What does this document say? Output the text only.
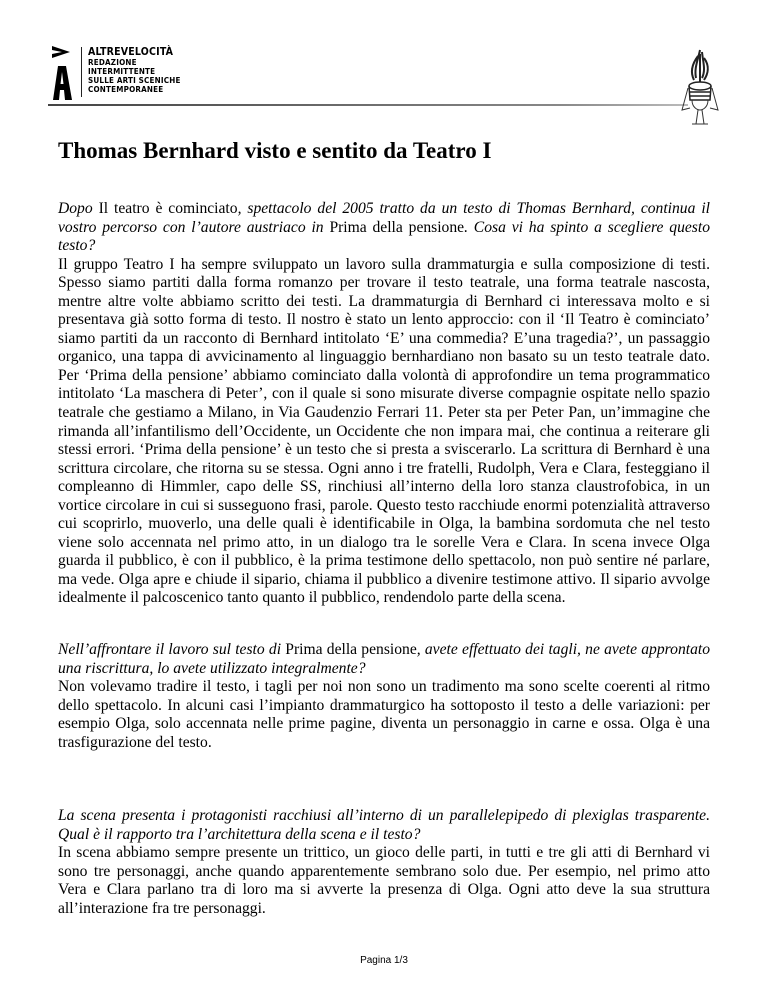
ALTREVELOCITÀ
REDAZIONE
INTERMITTENTE
SULLE ARTI SCENICHE
CONTEMPORANEE
Thomas Bernhard visto e sentito da Teatro I
Dopo Il teatro è cominciato, spettacolo del 2005 tratto da un testo di Thomas Bernhard, continua il
vostro percorso con l’autore austriaco in Prima della pensione. Cosa vi ha spinto a scegliere questo
testo?
Il gruppo Teatro I ha sempre sviluppato un lavoro sulla drammaturgia e sulla composizione di testi.
Spesso siamo partiti dalla forma romanzo per trovare il testo teatrale, una forma teatrale nascosta,
mentre altre volte abbiamo scritto dei testi. La drammaturgia di Bernhard ci interessava molto e si
presentava già sotto forma di testo. Il nostro è stato un lento approccio: con il ‘Il Teatro è cominciato’
siamo partiti da un racconto di Bernhard intitolato ‘E’ una commedia? E’una tragedia?’, un passaggio
organico, una tappa di avvicinamento al linguaggio bernhardiano non basato su un testo teatrale dato.
Per ‘Prima della pensione’ abbiamo cominciato dalla volontà di approfondire un tema programmatico
intitolato ‘La maschera di Peter’, con il quale si sono misurate diverse compagnie ospitate nello spazio
teatrale che gestiamo a Milano, in Via Gaudenzio Ferrari 11. Peter sta per Peter Pan, un’immagine che
rimanda all’infantilismo dell’Occidente, un Occidente che non impara mai, che continua a reiterare gli
stessi errori. ‘Prima della pensione’ è un testo che si presta a sviscerarlo. La scrittura di Bernhard è una
scrittura circolare, che ritorna su se stessa. Ogni anno i tre fratelli, Rudolph, Vera e Clara, festeggiano il
compleanno di Himmler, capo delle SS, rinchiusi all’interno della loro stanza claustrofobica, in un
vortice circolare in cui si susseguono frasi, parole. Questo testo racchiude enormi potenzialità attraverso
cui scoprirlo, muoverlo, una delle quali è identificabile in Olga, la bambina sordomuta che nel testo
viene solo accennata nel primo atto, in un dialogo tra le sorelle Vera e Clara. In scena invece Olga
guarda il pubblico, è con il pubblico, è la prima testimone dello spettacolo, non può sentire né parlare,
ma vede. Olga apre e chiude il sipario, chiama il pubblico a divenire testimone attivo. Il sipario avvolge
idealmente il palcoscenico tanto quanto il pubblico, rendendolo parte della scena.
Nell’affrontare il lavoro sul testo di Prima della pensione, avete effettuato dei tagli, ne avete approntato
una riscrittura, lo avete utilizzato integralmente?
Non volevamo tradire il testo, i tagli per noi non sono un tradimento ma sono scelte coerenti al ritmo
dello spettacolo. In alcuni casi l’impianto drammaturgico ha sottoposto il testo a delle variazioni: per
esempio Olga, solo accennata nelle prime pagine, diventa un personaggio in carne e ossa. Olga è una
trasfigurazione del testo.
La scena presenta i protagonisti racchiusi all’interno di un parallelepipedo di plexiglas trasparente.
Qual è il rapporto tra l’architettura della scena e il testo?
In scena abbiamo sempre presente un trittico, un gioco delle parti, in tutti e tre gli atti di Bernhard vi
sono tre personaggi, anche quando apparentemente sembrano solo due. Per esempio, nel primo atto
Vera e Clara parlano tra di loro ma si avverte la presenza di Olga. Ogni atto deve la sua struttura
all’interazione fra tre personaggi.
Pagina 1/3
